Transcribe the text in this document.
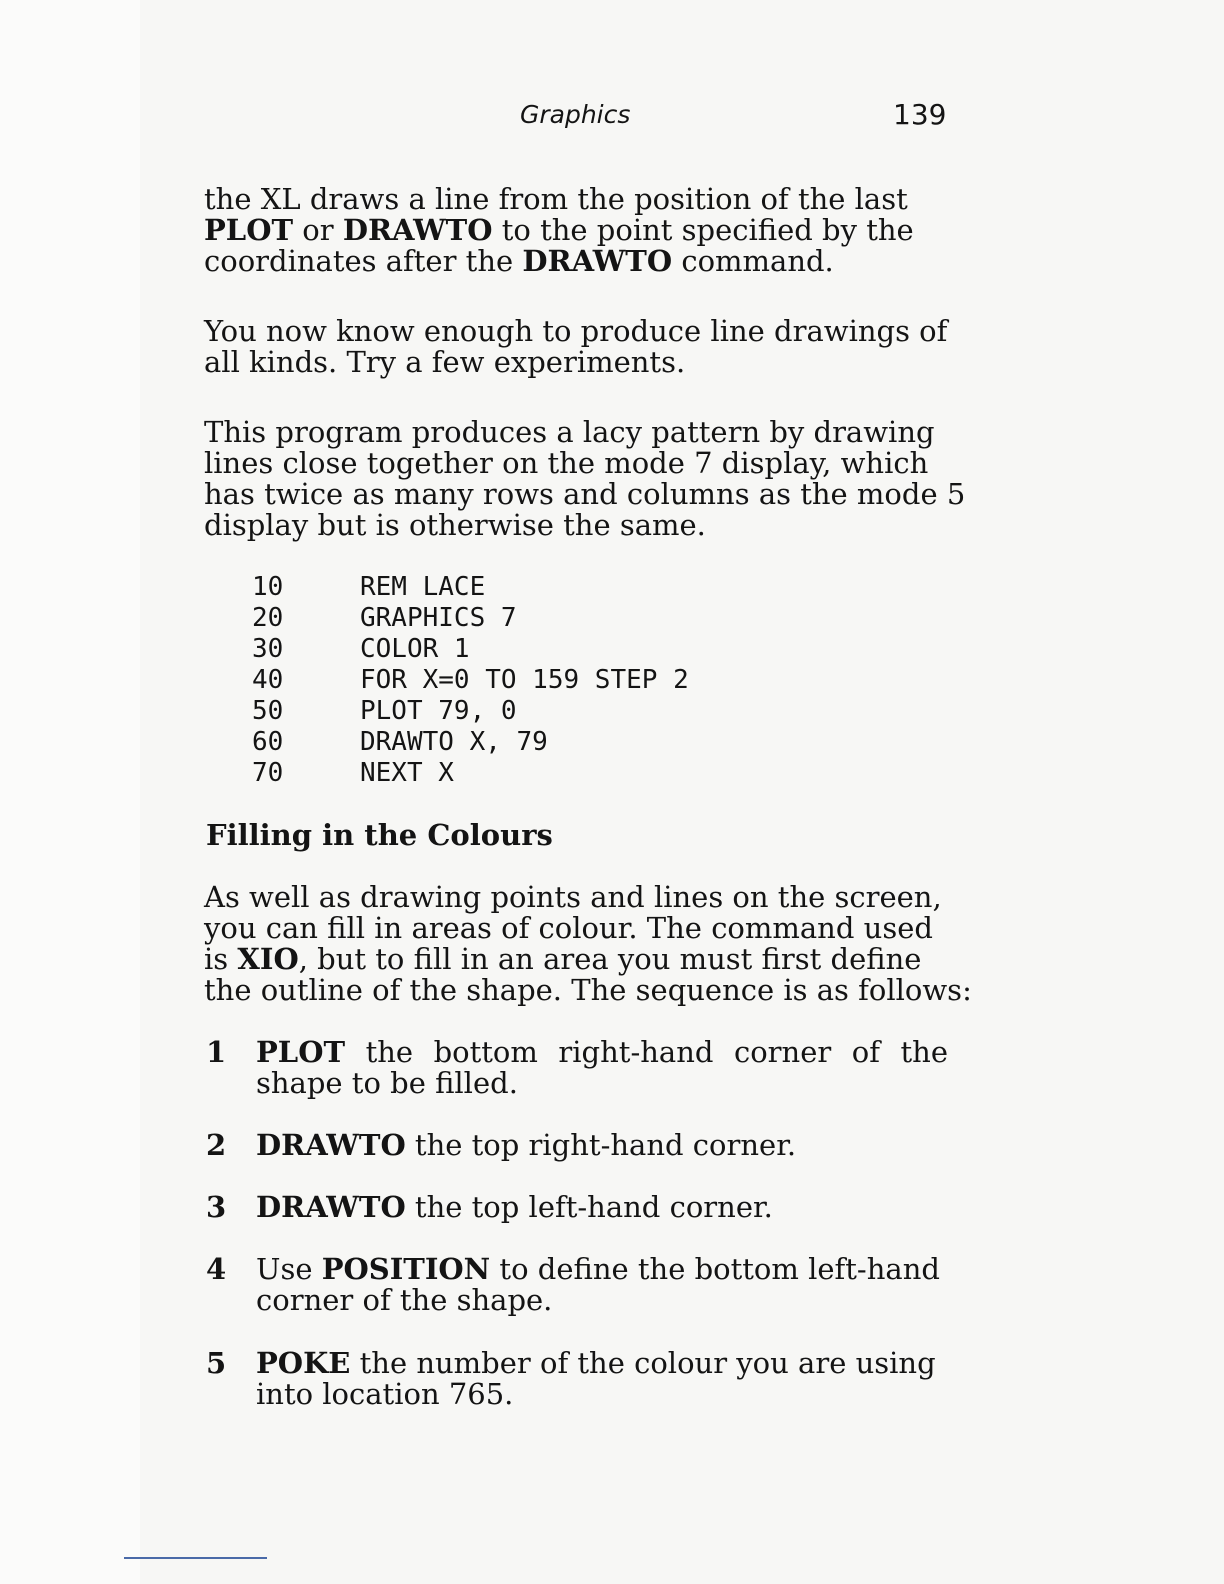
Graphics	139

the XL draws a line from the position of the last
PLOT or DRAWTO to the point specified by the
coordinates after the DRAWTO command.

You now know enough to produce line drawings of
all kinds. Try a few experiments.

This program produces a lacy pattern by drawing
lines close together on the mode 7 display, which
has twice as many rows and columns as the mode 5
display but is otherwise the same.

10	REM LACE
20	GRAPHICS 7
30	COLOR 1
40	FOR X=0 TO 159 STEP 2
50	PLOT 79, 0
60	DRAWTO X, 79
70	NEXT X
Filling in the Colours

As well as drawing points and lines on the screen,
you can fill in areas of colour. The command used
is XIO, but to fill in an area you must first define
the outline of the shape. The sequence is as follows:

1 PLOT the bottom right-hand corner of the
shape to be filled.
2 DRAWTO the top right-hand corner.
3 DRAWTO the top left-hand corner.
4 Use POSITION to define the bottom left-hand
corner of the shape.
5 POKE the number of the colour you are using
into location 765.
